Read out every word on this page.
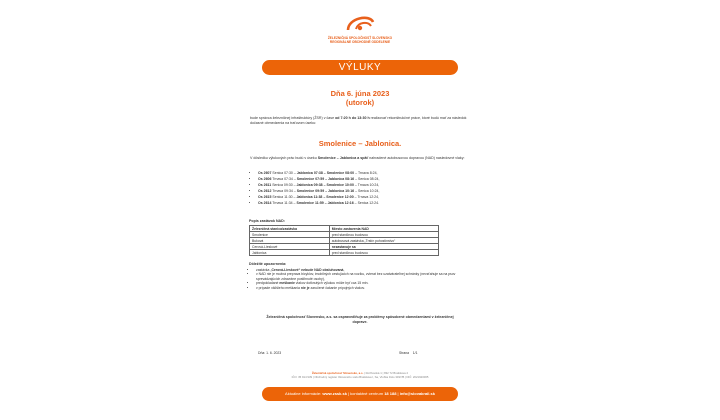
ŽELEZNIČNÁ SPOLOČNOSŤ SLOVENSKO
REGIONÁLNE OBCHODNÉ ODDELENIE
VÝLUKY
Dňa 6. júna 2023
(utorok)
bude správca železničnej infraštruktúry (ŽSR) v čase od 7:20 h do 13:30 h realizovať rekonštrukčné práce, ktoré budú mať za následok dočasné obmedzenia na traťovom úseku:
Smolenice – Jablonica.
V dôsledku výlukových prác budú v úseku Smolenice – Jablonica a späť nahradené autobusovou dopravou (NAD) nasledovné vlaky:
• Os 2607 Senica 07:30 – Jablonica 07:38 – Smolenice 08:00 – Trnava 8:24,
• Os 2606 Trnava 07:34 – Smolenice 07:59 – Jablonica 08:16 – Senica 08:24,
• Os 2611 Senica 09:30 – Jablonica 09:38 – Smolenice 10:00 – Trnava 10:24,
• Os 2612 Trnava 09:34 – Smolenice 09:59 – Jablonica 10:16 – Senica 10:24,
• Os 2615 Senica 11:30 – Jablonica 11:38 – Smolenice 12:00 – Trnava 12:24,
• Os 2614 Trnava 11:34 – Smolenice 11:59 – Jablonica 12:16 – Senica 12:24.
Popis zastávok NAD:
Železničná stanica/zastávka	Miesto zastavenia NAD
Smolenice	pred staničnou budovou
Buková	autobusová zastávka „Trstín pohostinstvo“
Cerová-Lieskové	nezastavuje sa
Jablonica	pred staničnou budovou
Dôležité upozornenia:
• zastávka „Cerová-Lieskové“ nebude NAD obsluhovaná,
• v NAD nie je možná preprava bicyklov, imobilných cestujúcich na vozíku, zvierat bez uzatvárateľnej schránky (nevzťahuje sa na psov sprevádzajúcich zdravotne postihnuté osoby),
• predpokladané meškanie vlakov dotknutých výlukou môže byť cca 15 min.
• v prípade väčšieho meškania nie je zaručené čakanie prípojných vlakov.
Železničná spoločnosť Slovensko, a.s. sa ospravedlňuje za problémy spôsobené obmedzeniami v železničnej doprave.
Dňa: 1. 6. 2023	Strana 1/1
Železničná spoločnosť Slovensko, a.s. | Rožňavská 1 | 832 72 Bratislava 2
IČO: 35 914 939 | Obchodný register Okresného súdu Bratislava I, Sa, Vložka číslo 3497/B | DIČ: 2021920065
Aktuálne informácie: www.zssk.sk | kontaktné centrum 18 188 | info@slovakrail.sk
